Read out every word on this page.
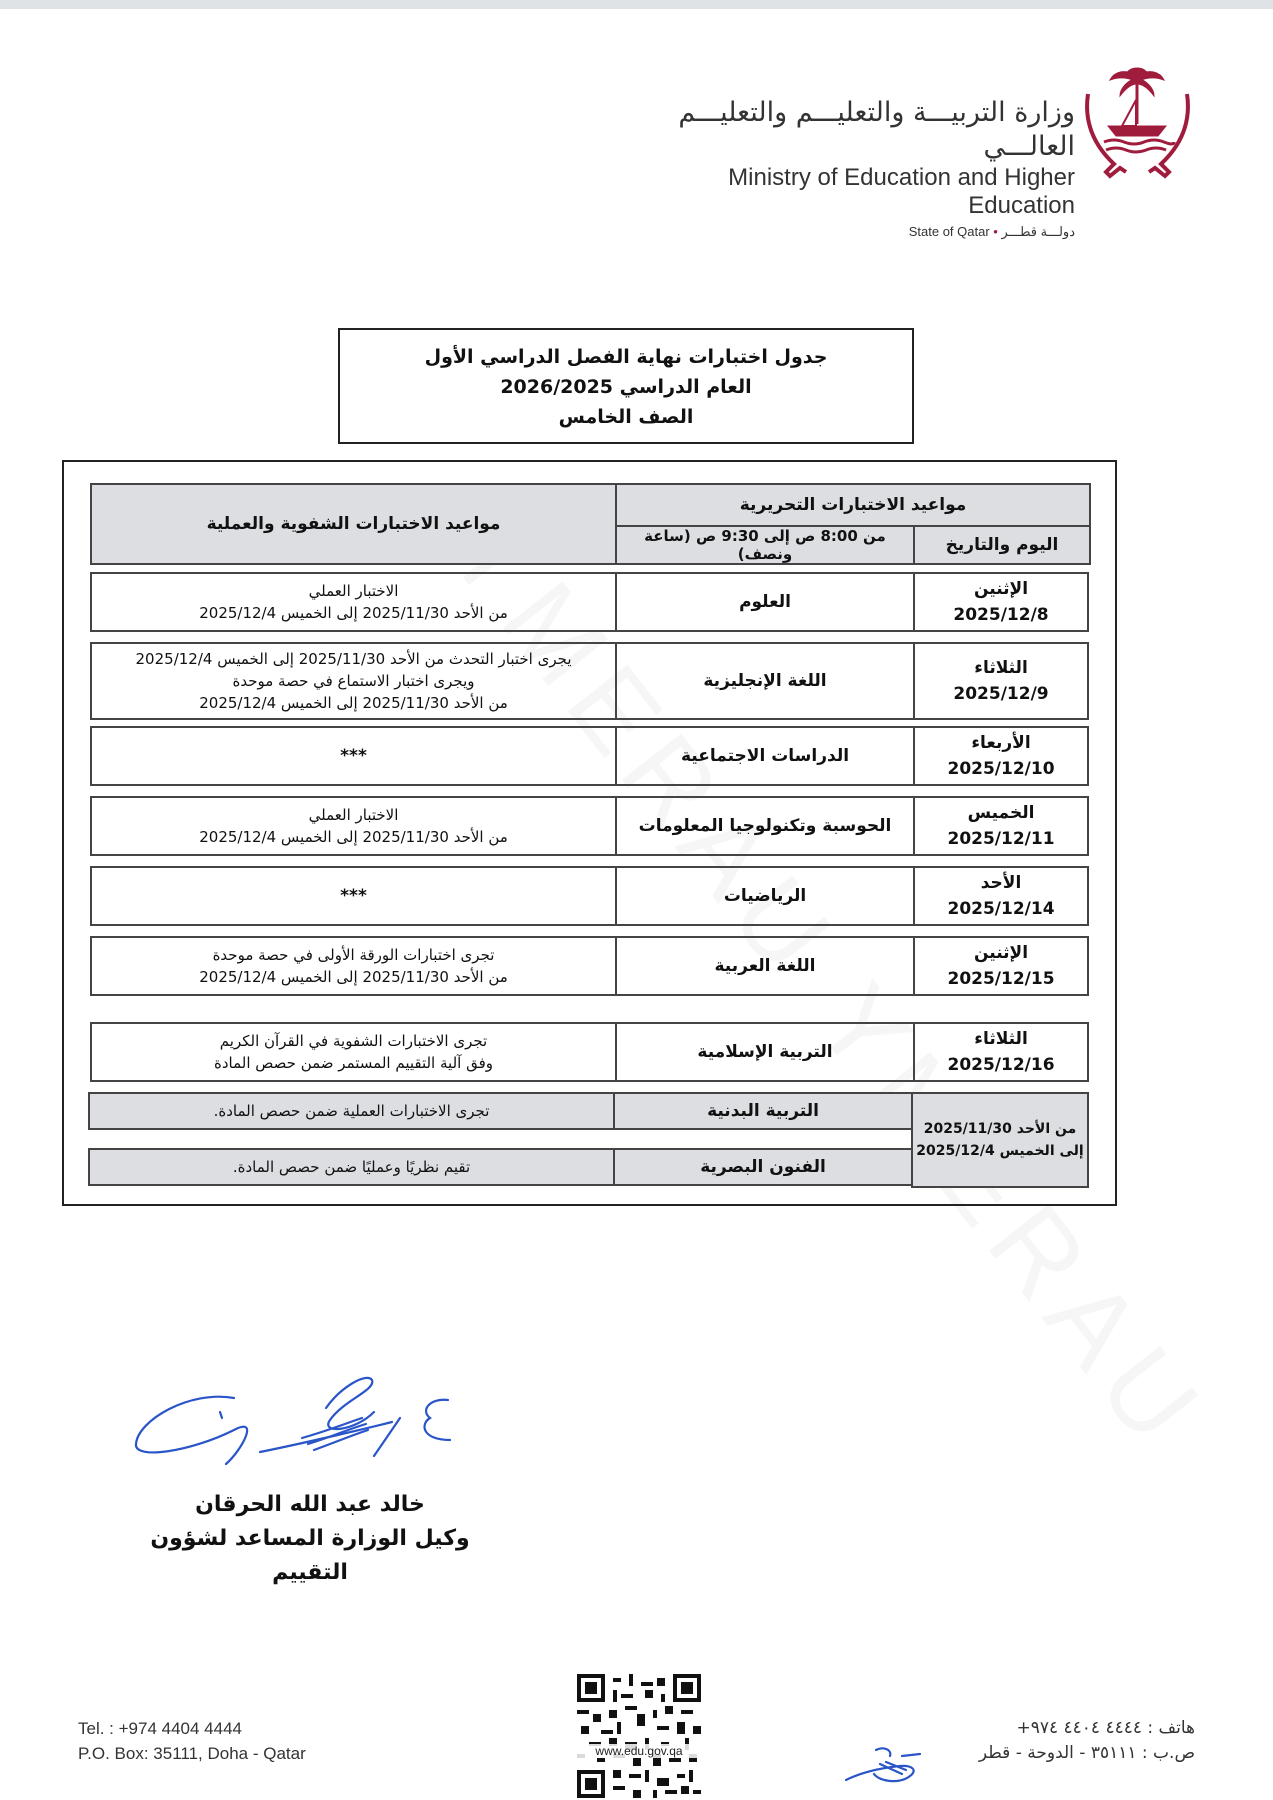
وزارة التربيـــة والتعليـــم والتعليـــم العالـــي
Ministry of Education and Higher Education
State of Qatar • دولـــة قطـــر
جدول اختبارات نهاية الفصل الدراسي الأول
العام الدراسي 2026/2025
الصف الخامس
مواعيد الاختبارات التحريرية
اليوم والتاريخ
من 8:00 ص إلى 9:30 ص (ساعة ونصف)
مواعيد الاختبارات الشفوية والعملية
الإثنين
2025/12/8
العلوم
الاختبار العملي
من الأحد 2025/11/30 إلى الخميس 2025/12/4
الثلاثاء
2025/12/9
اللغة الإنجليزية
يجرى اختبار التحدث من الأحد 2025/11/30 إلى الخميس 2025/12/4
ويجرى اختبار الاستماع في حصة موحدة
من الأحد 2025/11/30 إلى الخميس 2025/12/4
الأربعاء
2025/12/10
الدراسات الاجتماعية
***
الخميس
2025/12/11
الحوسبة وتكنولوجيا المعلومات
الاختبار العملي
من الأحد 2025/11/30 إلى الخميس 2025/12/4
الأحد
2025/12/14
الرياضيات
***
الإثنين
2025/12/15
اللغة العربية
تجرى اختبارات الورقة الأولى في حصة موحدة
من الأحد 2025/11/30 إلى الخميس 2025/12/4
الثلاثاء
2025/12/16
التربية الإسلامية
تجرى الاختبارات الشفوية في القرآن الكريم
وفق آلية التقييم المستمر ضمن حصص المادة
من الأحد 2025/11/30
إلى الخميس 2025/12/4
التربية البدنية
تجرى الاختبارات العملية ضمن حصص المادة.
الفنون البصرية
تقيم نظريًا وعمليًا ضمن حصص المادة.
خالد عبد الله الحرقان
وكيل الوزارة المساعد لشؤون التقييم
Tel. : +974 4404 4444
P.O. Box: 35111, Doha - Qatar	www.edu.gov.qa
هاتف : ٤٤٤٤ ٤٤٠٤ ٩٧٤+
ص.ب : ٣٥١١١ - الدوحة - قطر
